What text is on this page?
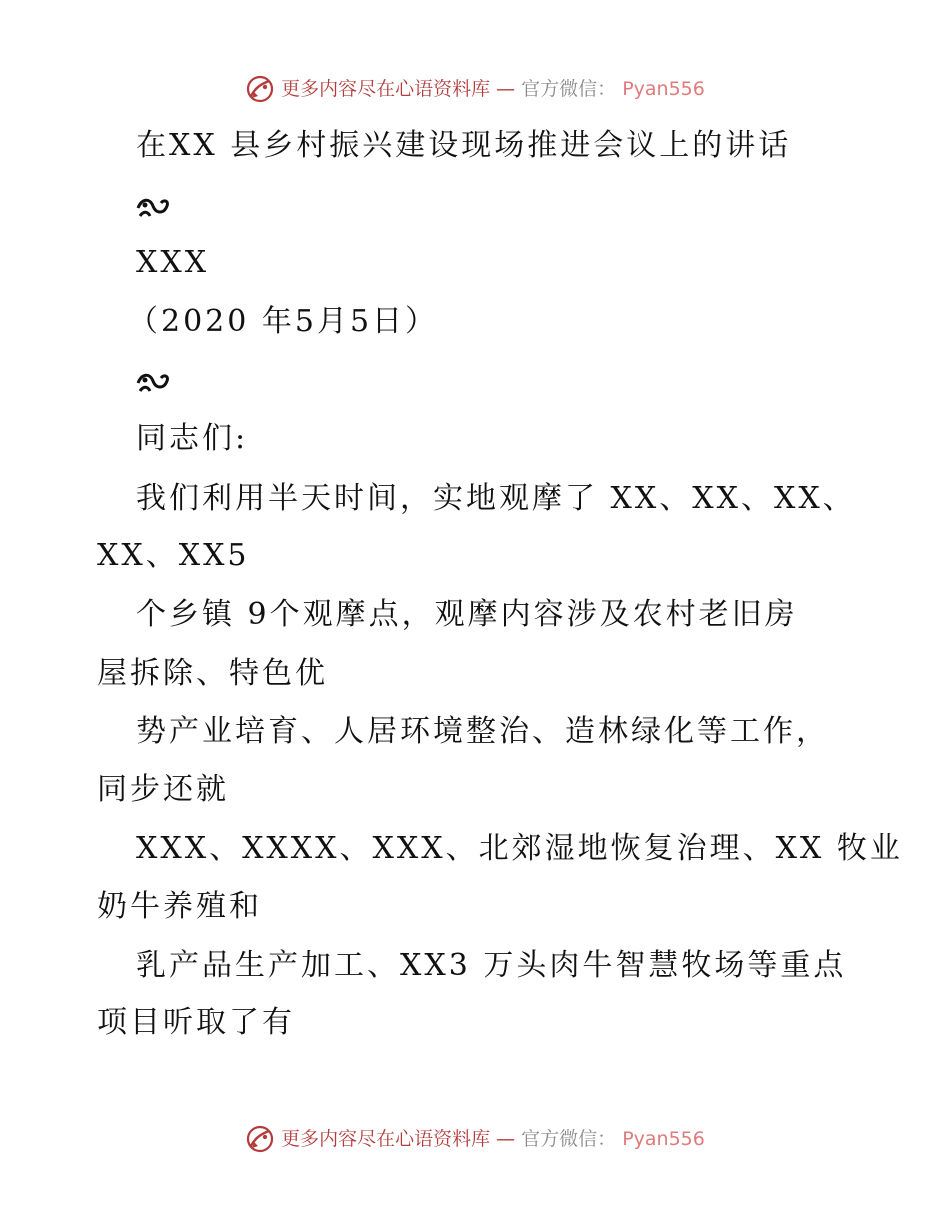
更多内容尽在心语资料库 — 官方微信： Pyan556
在XX 县乡村振兴建设现场推进会议上的讲话
XXX
（2020 年5月5日）
同志们:
我们利用半天时间，实地观摩了 XX、XX、XX、
XX、XX5
个乡镇 9个观摩点，观摩内容涉及农村老旧房
屋拆除、特色优
势产业培育、人居环境整治、造林绿化等工作，
同步还就
XXX、XXXX、XXX、北郊湿地恢复治理、XX 牧业
奶牛养殖和
乳产品生产加工、XX3 万头肉牛智慧牧场等重点
项目听取了有
更多内容尽在心语资料库 — 官方微信： Pyan556
